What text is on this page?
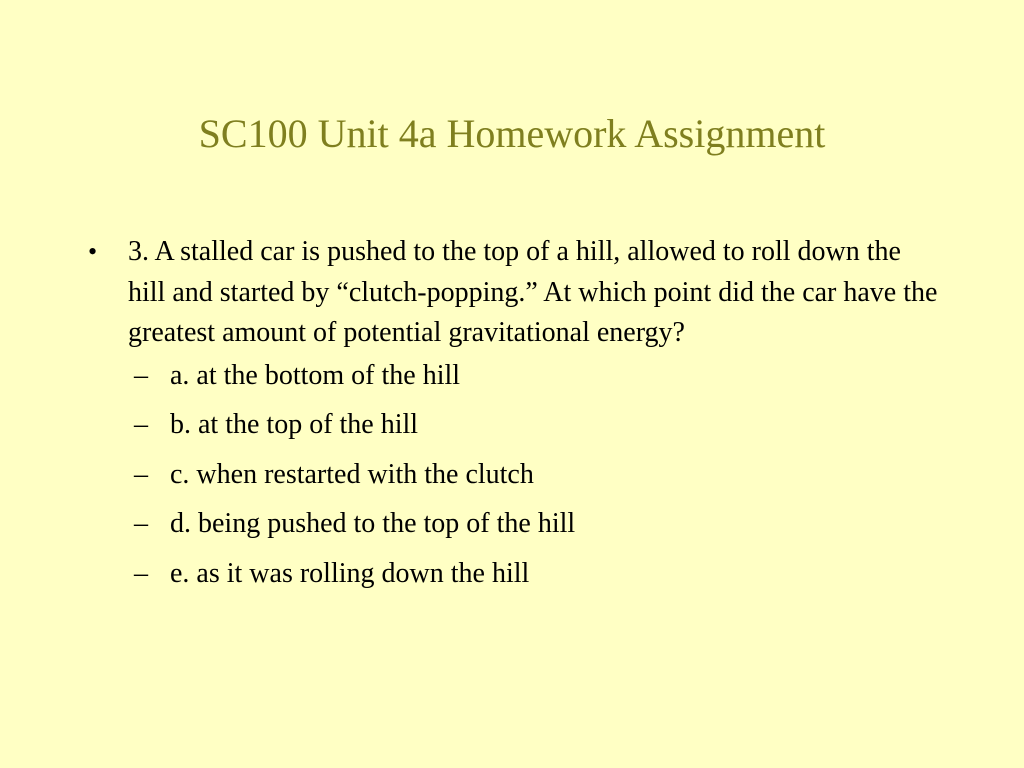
SC100 Unit 4a Homework Assignment
•	3. A stalled car is pushed to the top of a hill, allowed to roll down the hill and started by “clutch-popping.” At which point did the car have the greatest amount of potential gravitational energy?
– a. at the bottom of the hill
– b. at the top of the hill
– c. when restarted with the clutch
– d. being pushed to the top of the hill
– e. as it was rolling down the hill
